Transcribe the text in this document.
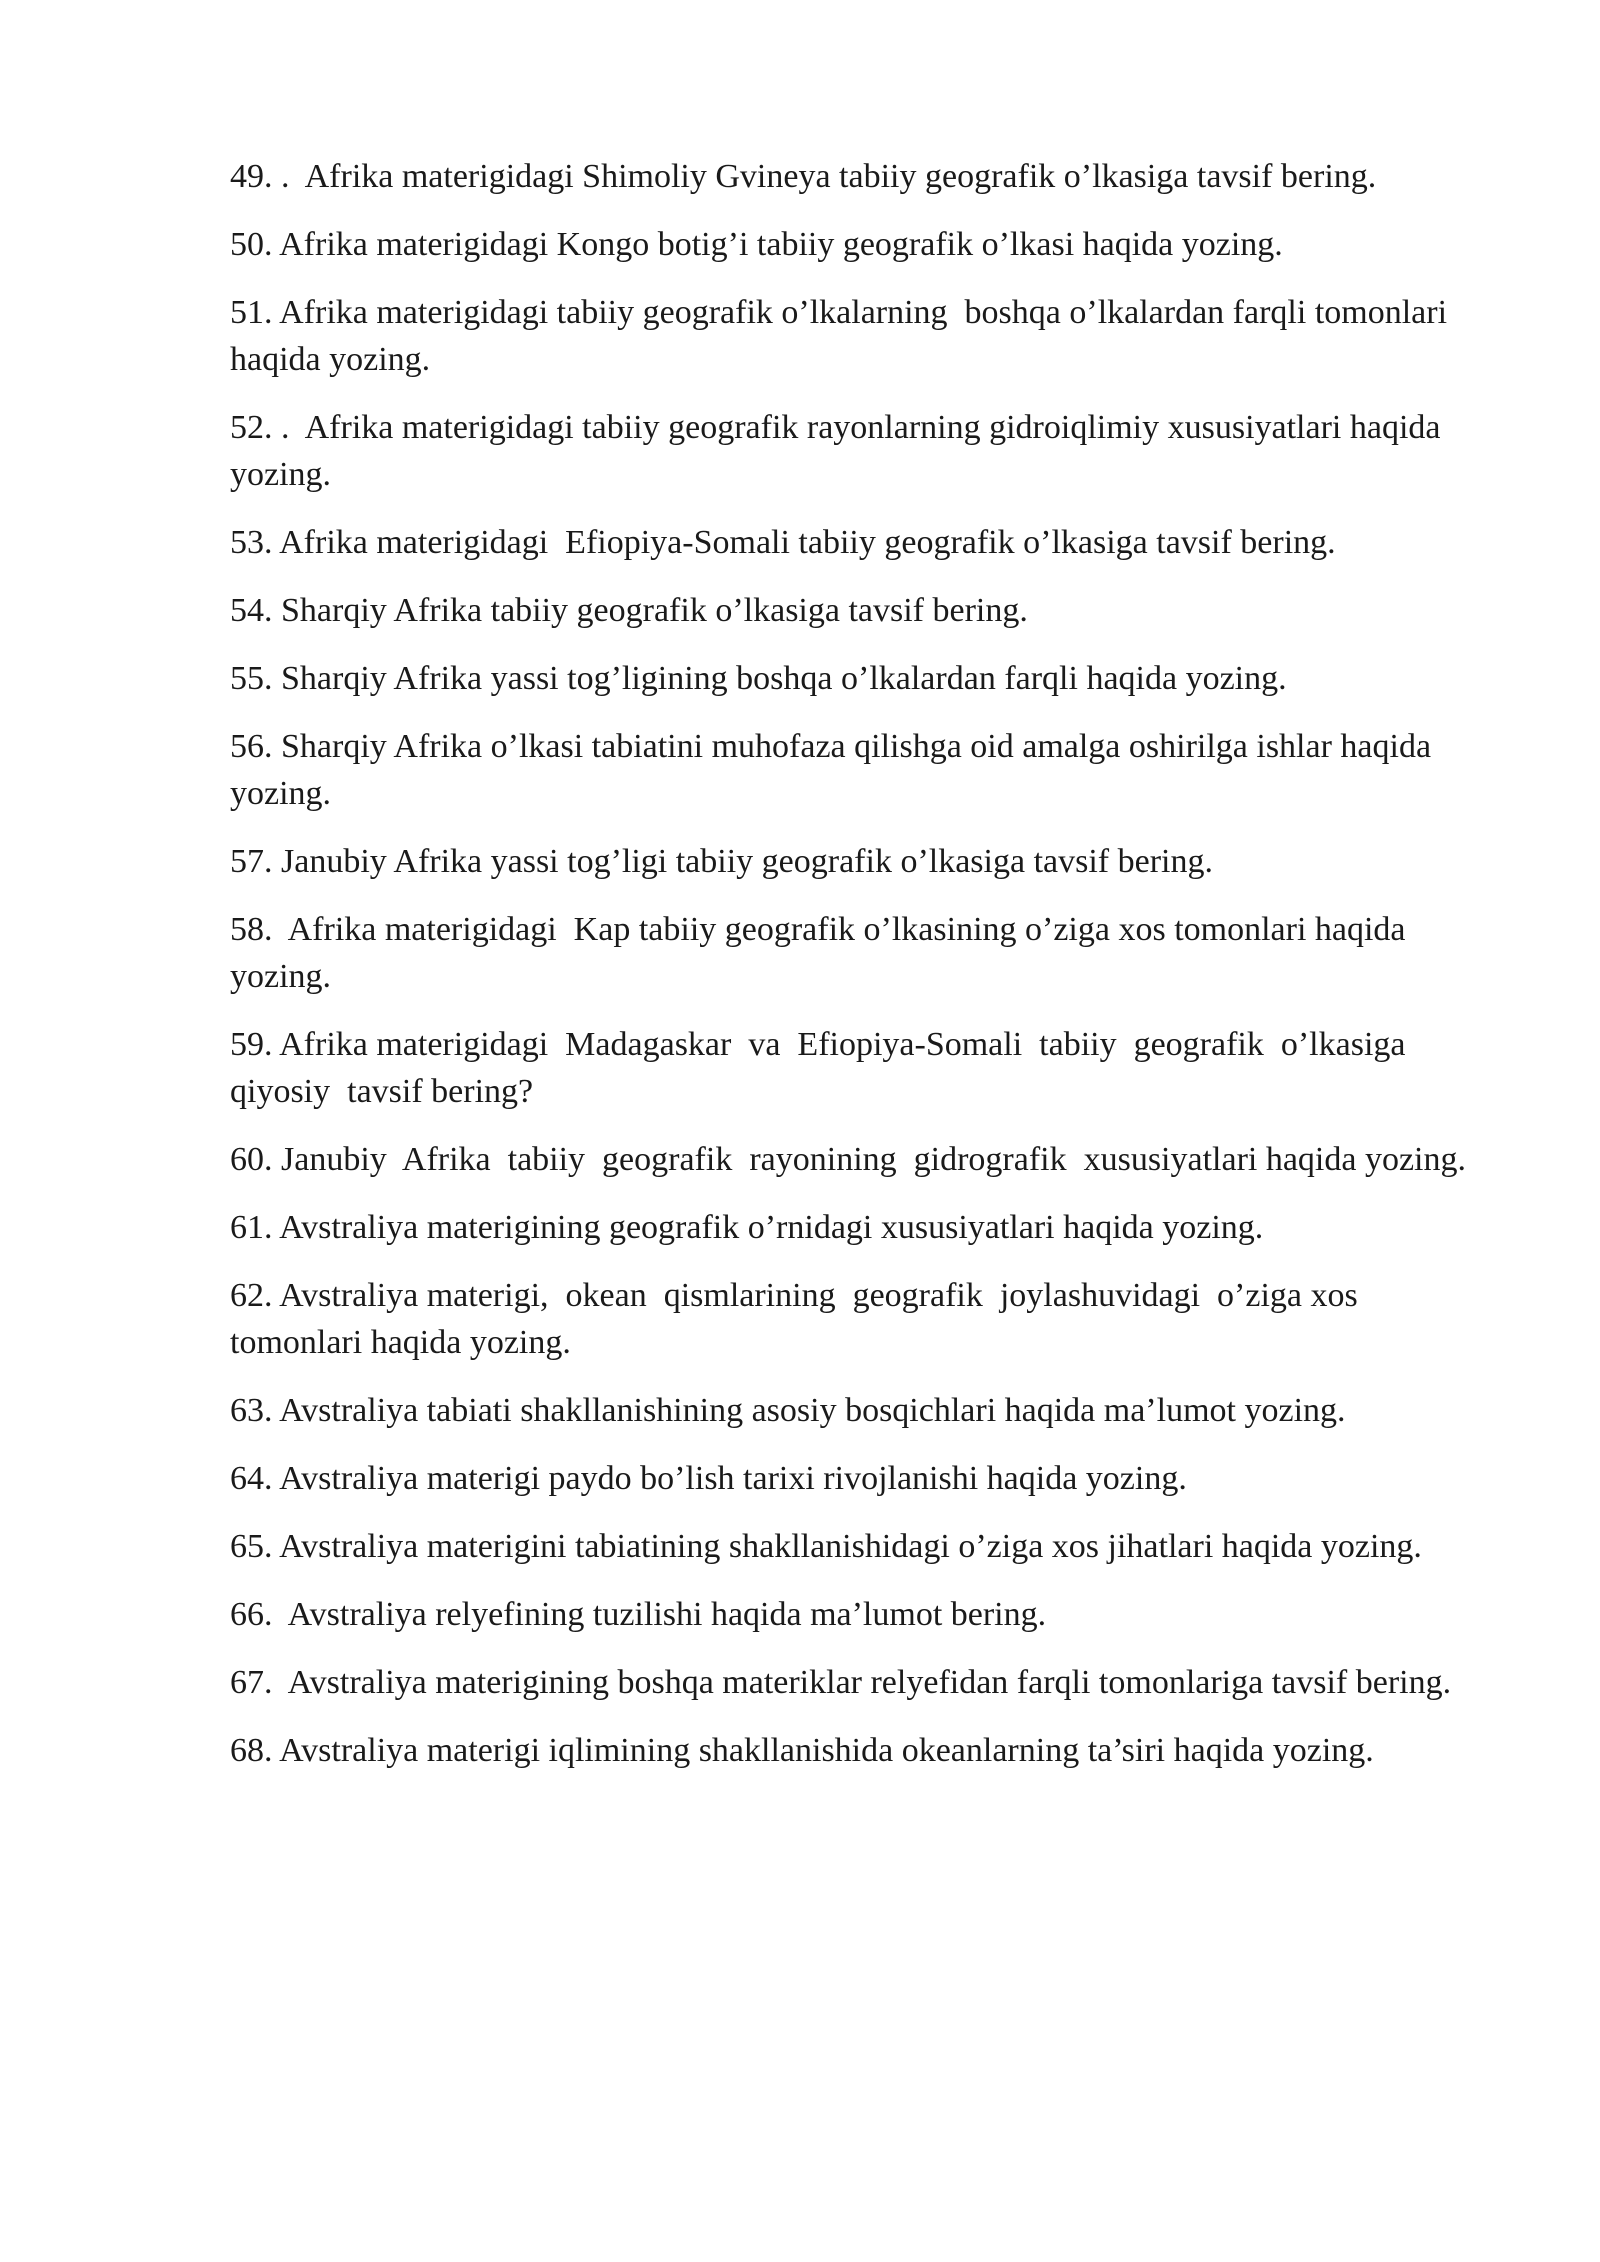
49. .  Afrika materigidagi Shimoliy Gvineya tabiiy geografik o’lkasiga tavsif bering.
50. Afrika materigidagi Kongo botig’i tabiiy geografik o’lkasi haqida yozing.
51. Afrika materigidagi tabiiy geografik o’lkalarning  boshqa o’lkalardan farqli tomonlari haqida yozing.
52. .  Afrika materigidagi tabiiy geografik rayonlarning gidroiqlimiy xususiyatlari haqida yozing.
53. Afrika materigidagi  Efiopiya-Somali tabiiy geografik o’lkasiga tavsif bering.
54. Sharqiy Afrika tabiiy geografik o’lkasiga tavsif bering.
55. Sharqiy Afrika yassi tog’ligining boshqa o’lkalardan farqli haqida yozing.
56. Sharqiy Afrika o’lkasi tabiatini muhofaza qilishga oid amalga oshirilga ishlar haqida yozing.
57. Janubiy Afrika yassi tog’ligi tabiiy geografik o’lkasiga tavsif bering.
58.  Afrika materigidagi  Kap tabiiy geografik o’lkasining o’ziga xos tomonlari haqida yozing.
59. Afrika materigidagi  Madagaskar  va  Efiopiya-Somali  tabiiy  geografik  o’lkasiga  qiyosiy  tavsif bering?
60. Janubiy  Afrika  tabiiy  geografik  rayonining  gidrografik  xususiyatlari haqida yozing.
61. Avstraliya materigining geografik o’rnidagi xususiyatlari haqida yozing.
62. Avstraliya materigi,  okean  qismlarining  geografik  joylashuvidagi  o’ziga xos tomonlari haqida yozing.
63. Avstraliya tabiati shakllanishining asosiy bosqichlari haqida ma’lumot yozing.
64. Avstraliya materigi paydo bo’lish tarixi rivojlanishi haqida yozing.
65. Avstraliya materigini tabiatining shakllanishidagi o’ziga xos jihatlari haqida yozing.
66.  Avstraliya relyefining tuzilishi haqida ma’lumot bering.
67.  Avstraliya materigining boshqa materiklar relyefidan farqli tomonlariga tavsif bering.
68. Avstraliya materigi iqlimining shakllanishida okeanlarning ta’siri haqida yozing.
